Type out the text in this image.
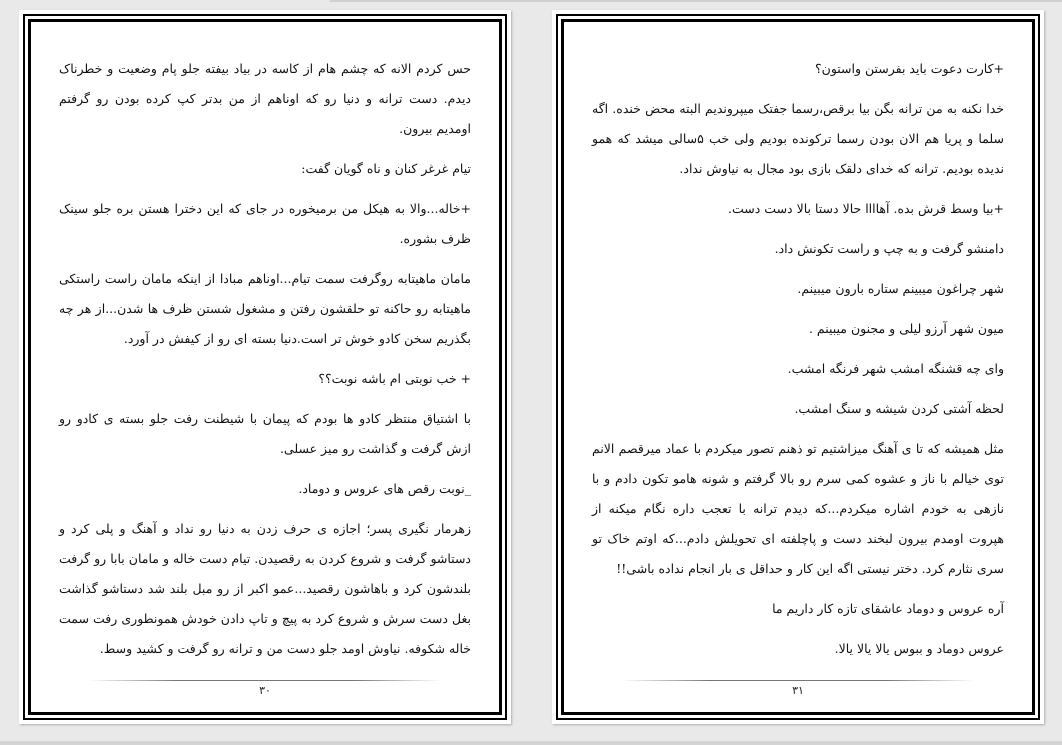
حس کردم الانه که چشم هام از کاسه در بیاد بیفته جلو پام وضعیت و خطرناک دیدم. دست ترانه و دنیا رو که اوناهم از من بدتر کپ کرده بودن رو گرفتم اومدیم بیرون.

تیام غرغر کنان و ناه گویان گفت:

+خاله...والا به هیکل من برمیخوره در جای که این دخترا هستن بره جلو سینک ظرف بشوره.

مامان ماهیتابه روگرفت سمت تیام...اوناهم مبادا از اینکه مامان راست راستکی ماهیتابه رو حاکنه تو حلقشون رفتن و مشغول شستن ظرف ها شدن...از هر چه بگذریم سخن کادو خوش تر است.دنیا بسته ای رو از کیفش در آورد.

+ خب نوبتی ام باشه نوبت؟؟

با اشتیاق منتظر کادو ها بودم که پیمان با شیطنت رفت جلو بسته ی کادو رو ازش گرفت و گذاشت رو میز عسلی.

_نوبت رقص های عروس و دوماد.

زهرمار نگیری پسر؛ اجازه ی حرف زدن به دنیا رو نداد و آهنگ و پلی کرد و دستاشو گرفت و شروع کردن به رقصیدن. تیام دست خاله و مامان بابا رو گرفت بلندشون کرد و باهاشون رقصید...عمو اکبر از رو مبل بلند شد دستاشو گذاشت بغل دست سرش و شروع کرد به پیچ و تاپ دادن خودش همونطوری رفت سمت خاله شکوفه. نیاوش اومد جلو دست من و ترانه رو گرفت و کشید وسط.

۳۰

+کارت دعوت باید بفرستن واستون؟

خدا نکنه به من ترانه بگن بیا برقص،رسما جفتک میپروندیم البته محض خنده. اگه سلما و پریا هم الان بودن رسما ترکونده بودیم ولی خب ۵سالی میشد که همو ندیده بودیم. ترانه که خدای دلقک بازی بود مجال به نیاوش نداد.

+بیا وسط قرش بده. آهاااا حالا دستا بالا دست دست.

دامنشو گرفت و به چپ و راست تکونش داد.

شهر چراغون میبینم ستاره بارون میبینم.

میون شهر آرزو لیلی و مجنون میبینم .

وای چه قشنگه امشب شهر فرنگه امشب.

لحظه آشتی کردن شیشه و سنگ امشب.

مثل همیشه که تا ی آهنگ میزاشتیم تو ذهنم تصور میکردم با عماد میرقصم الانم توی خیالم با ناز و عشوه کمی سرم رو بالا گرفتم و شونه هامو تکون دادم و با نازهی به خودم اشاره میکردم...که دیدم ترانه با تعجب داره نگام میکنه از هپروت اومدم بیرون لبخند دست و پاچلفته ای تحویلش دادم...که اوتم خاک تو سری نثارم کرد. دختر نیستی اگه این کار و حداقل ی بار انجام نداده باشی!!

آره عروس و دوماد عاشقای تازه کار داریم ما

عروس دوماد و ببوس یالا یالا یالا.

۳۱
